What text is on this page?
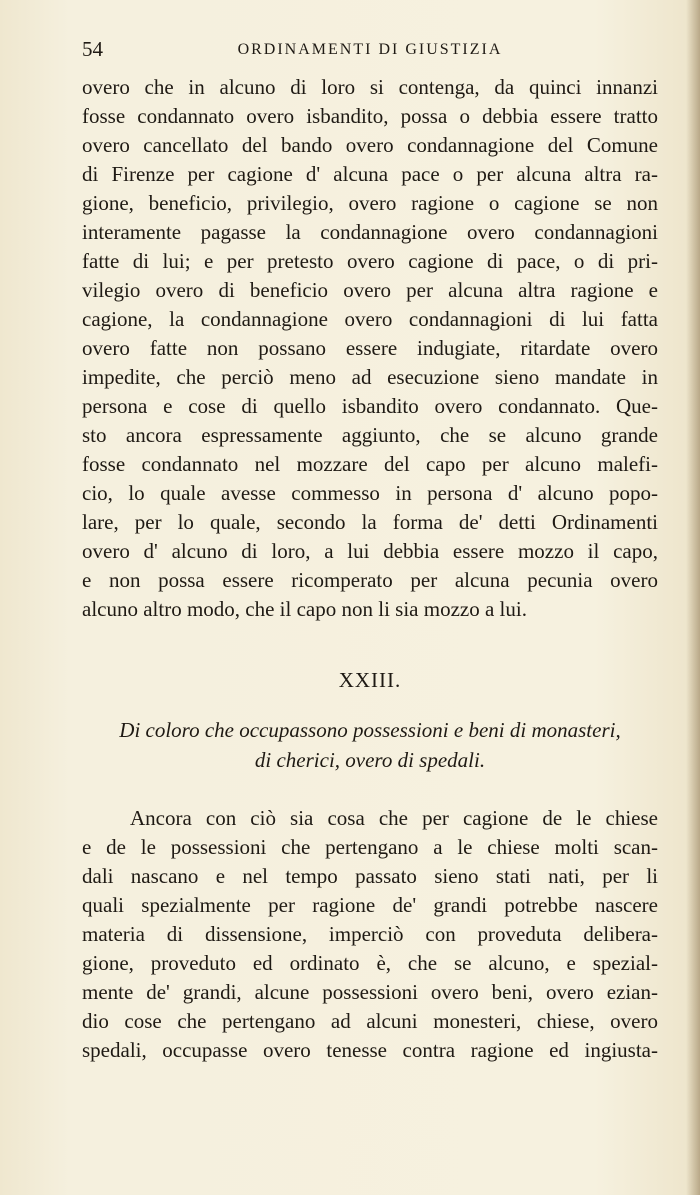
54	ORDINAMENTI DI GIUSTIZIA
overo che in alcuno di loro si contenga, da quinci innanzi
fosse condannato overo isbandito, possa o debbia essere tratto
overo cancellato del bando overo condannagione del Comune
di Firenze per cagione d' alcuna pace o per alcuna altra ra-
gione, beneficio, privilegio, overo ragione o cagione se non
interamente pagasse la condannagione overo condannagioni
fatte di lui; e per pretesto overo cagione di pace, o di pri-
vilegio overo di beneficio overo per alcuna altra ragione e
cagione, la condannagione overo condannagioni di lui fatta
overo fatte non possano essere indugiate, ritardate overo
impedite, che perciò meno ad esecuzione sieno mandate in
persona e cose di quello isbandito overo condannato. Que-
sto ancora espressamente aggiunto, che se alcuno grande
fosse condannato nel mozzare del capo per alcuno malefi-
cio, lo quale avesse commesso in persona d' alcuno popo-
lare, per lo quale, secondo la forma de' detti Ordinamenti
overo d' alcuno di loro, a lui debbia essere mozzo il capo,
e non possa essere ricomperato per alcuna pecunia overo
alcuno altro modo, che il capo non li sia mozzo a lui.
XXIII.
Di coloro che occupassono possessioni e beni di monasteri,
di cherici, overo di spedali.
Ancora con ciò sia cosa che per cagione de le chiese
e de le possessioni che pertengano a le chiese molti scan-
dali nascano e nel tempo passato sieno stati nati, per li
quali spezialmente per ragione de' grandi potrebbe nascere
materia di dissensione, imperciò con proveduta delibera-
gione, proveduto ed ordinato è, che se alcuno, e spezial-
mente de' grandi, alcune possessioni overo beni, overo ezian-
dio cose che pertengano ad alcuni monesteri, chiese, overo
spedali, occupasse overo tenesse contra ragione ed ingiusta-
